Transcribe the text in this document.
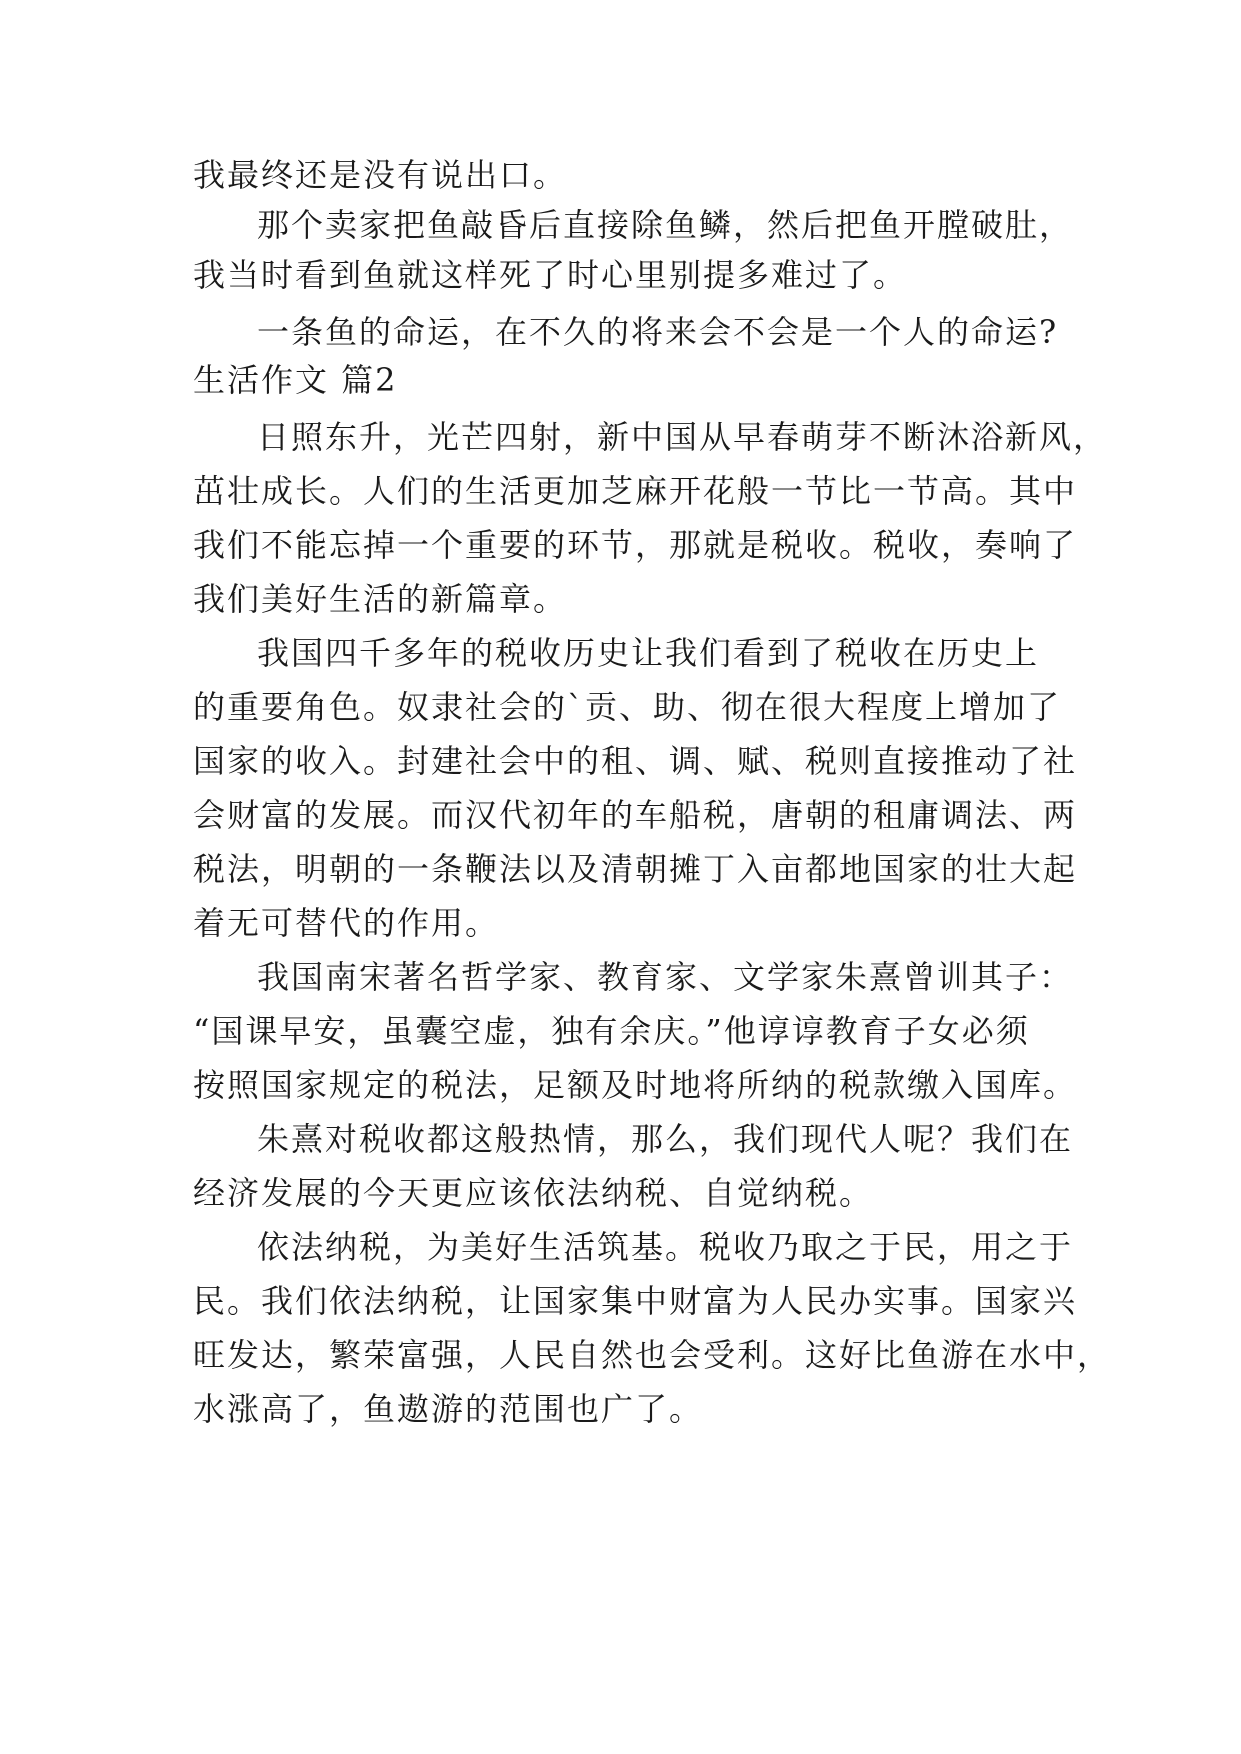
我最终还是没有说出口。
那个卖家把鱼敲昏后直接除鱼鳞，然后把鱼开膛破肚，
我当时看到鱼就这样死了时心里别提多难过了。
一条鱼的命运，在不久的将来会不会是一个人的命运?
生活作文 篇2
日照东升，光芒四射，新中国从早春萌芽不断沐浴新风，
茁壮成长。人们的生活更加芝麻开花般一节比一节高。其中
我们不能忘掉一个重要的环节，那就是税收。税收，奏响了
我们美好生活的新篇章。
我国四千多年的税收历史让我们看到了税收在历史上
的重要角色。奴隶社会的`贡、助、彻在很大程度上增加了
国家的收入。封建社会中的租、调、赋、税则直接推动了社
会财富的发展。而汉代初年的车船税，唐朝的租庸调法、两
税法，明朝的一条鞭法以及清朝摊丁入亩都地国家的壮大起
着无可替代的作用。
我国南宋著名哲学家、教育家、文学家朱熹曾训其子：
“国课早安，虽囊空虚，独有余庆。”他谆谆教育子女必须
按照国家规定的税法，足额及时地将所纳的税款缴入国库。
朱熹对税收都这般热情，那么，我们现代人呢？我们在
经济发展的今天更应该依法纳税、自觉纳税。
依法纳税，为美好生活筑基。税收乃取之于民，用之于
民。我们依法纳税，让国家集中财富为人民办实事。国家兴
旺发达，繁荣富强，人民自然也会受利。这好比鱼游在水中，
水涨高了，鱼遨游的范围也广了。
